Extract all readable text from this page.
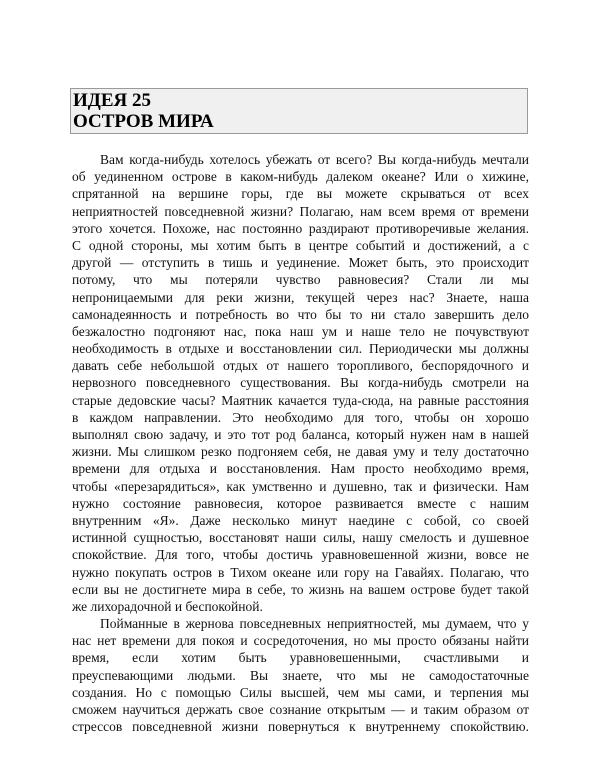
ИДЕЯ 25
ОСТРОВ МИРА
Вам когда-нибудь хотелось убежать от всего? Вы когда-нибудь мечтали
об уединенном острове в каком-нибудь далеком океане? Или о хижине,
спрятанной на вершине горы, где вы можете скрываться от всех
неприятностей повседневной жизни? Полагаю, нам всем время от времени
этого хочется. Похоже, нас постоянно раздирают противоречивые желания.
С одной стороны, мы хотим быть в центре событий и достижений, а с
другой — отступить в тишь и уединение. Может быть, это происходит
потому, что мы потеряли чувство равновесия? Стали ли мы
непроницаемыми для реки жизни, текущей через нас? Знаете, наша
самонадеянность и потребность во что бы то ни стало завершить дело
безжалостно подгоняют нас, пока наш ум и наше тело не почувствуют
необходимость в отдыхе и восстановлении сил. Периодически мы должны
давать себе небольшой отдых от нашего торопливого, беспорядочного и
нервозного повседневного существования. Вы когда-нибудь смотрели на
старые дедовские часы? Маятник качается туда-сюда, на равные расстояния
в каждом направлении. Это необходимо для того, чтобы он хорошо
выполнял свою задачу, и это тот род баланса, который нужен нам в нашей
жизни. Мы слишком резко подгоняем себя, не давая уму и телу достаточно
времени для отдыха и восстановления. Нам просто необходимо время,
чтобы «перезарядиться», как умственно и душевно, так и физически. Нам
нужно состояние равновесия, которое развивается вместе с нашим
внутренним «Я». Даже несколько минут наедине с собой, со своей
истинной сущностью, восстановят наши силы, нашу смелость и душевное
спокойствие. Для того, чтобы достичь уравновешенной жизни, вовсе не
нужно покупать остров в Тихом океане или гору на Гавайях. Полагаю, что
если вы не достигнете мира в себе, то жизнь на вашем острове будет такой
же лихорадочной и беспокойной.
Пойманные в жернова повседневных неприятностей, мы думаем, что у
нас нет времени для покоя и сосредоточения, но мы просто обязаны найти
время, если хотим быть уравновешенными, счастливыми и
преуспевающими людьми. Вы знаете, что мы не самодостаточные
создания. Но с помощью Силы высшей, чем мы сами, и терпения мы
сможем научиться держать свое сознание открытым — и таким образом от
стрессов повседневной жизни повернуться к внутреннему спокойствию.
